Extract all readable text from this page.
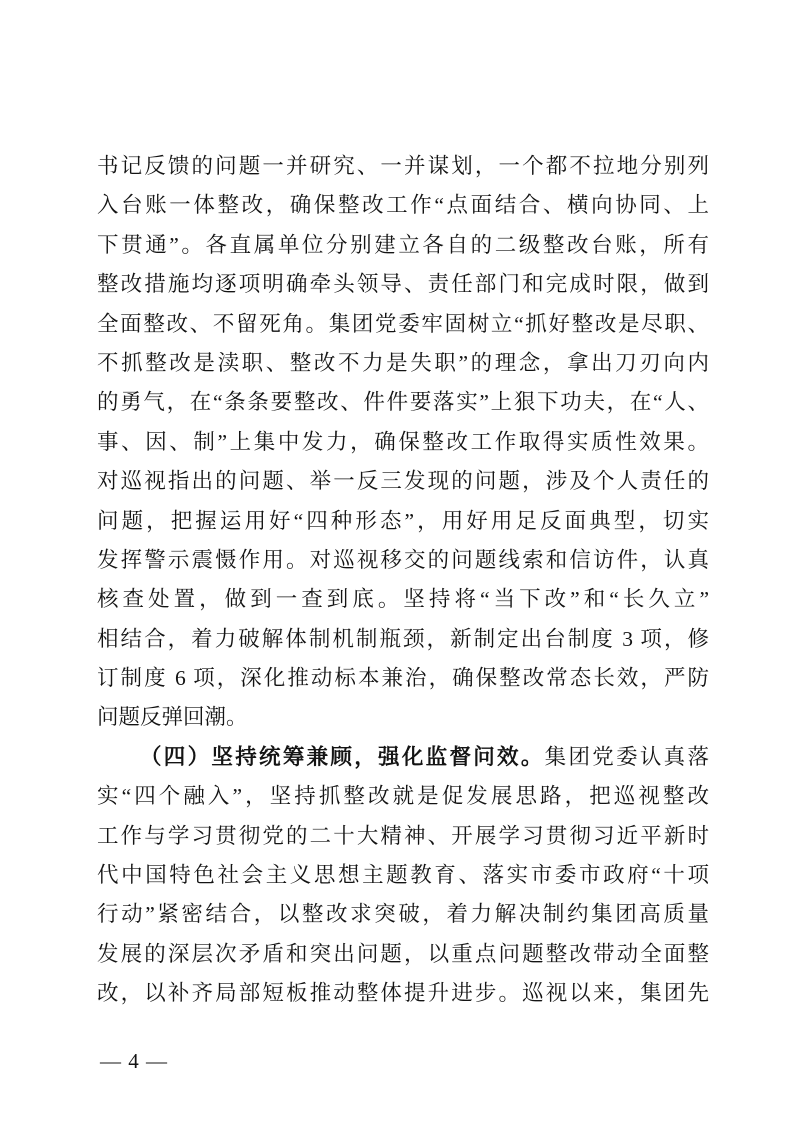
书记反馈的问题一并研究、一并谋划，一个都不拉地分别列
入台账一体整改，确保整改工作“点面结合、横向协同、上
下贯通”。各直属单位分别建立各自的二级整改台账，所有
整改措施均逐项明确牵头领导、责任部门和完成时限，做到
全面整改、不留死角。集团党委牢固树立“抓好整改是尽职、
不抓整改是渎职、整改不力是失职”的理念，拿出刀刃向内
的勇气，在“条条要整改、件件要落实”上狠下功夫，在“人、
事、因、制”上集中发力，确保整改工作取得实质性效果。
对巡视指出的问题、举一反三发现的问题，涉及个人责任的
问题，把握运用好“四种形态”，用好用足反面典型，切实
发挥警示震慑作用。对巡视移交的问题线索和信访件，认真
核查处置，做到一查到底。坚持将“当下改”和“长久立”
相结合，着力破解体制机制瓶颈，新制定出台制度 3 项，修
订制度 6 项，深化推动标本兼治，确保整改常态长效，严防
问题反弹回潮。
（四）坚持统筹兼顾，强化监督问效。集团党委认真落
实“四个融入”，坚持抓整改就是促发展思路，把巡视整改
工作与学习贯彻党的二十大精神、开展学习贯彻习近平新时
代中国特色社会主义思想主题教育、落实市委市政府“十项
行动”紧密结合，以整改求突破，着力解决制约集团高质量
发展的深层次矛盾和突出问题，以重点问题整改带动全面整
改，以补齐局部短板推动整体提升进步。巡视以来，集团先
— 4 —
